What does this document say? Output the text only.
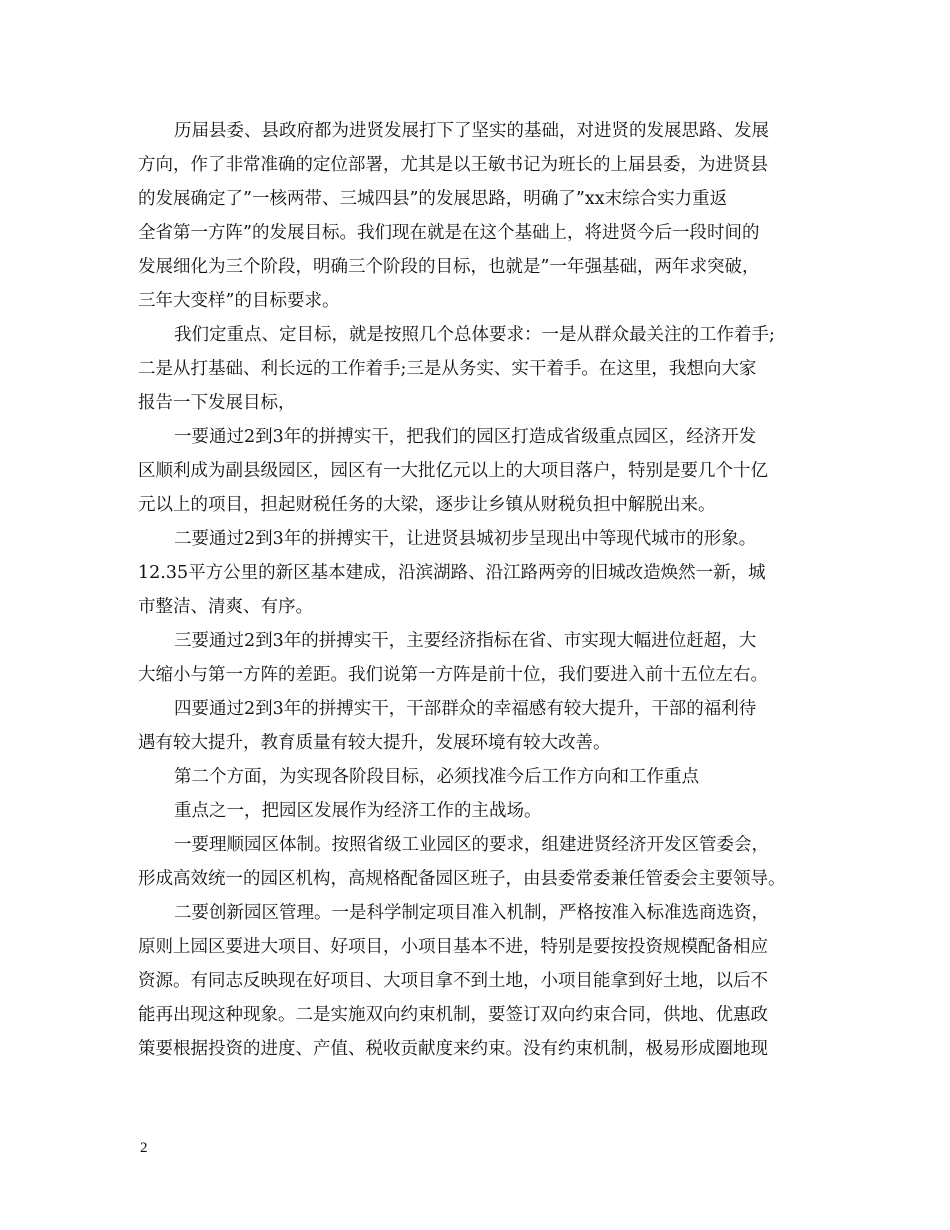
历届县委、县政府都为进贤发展打下了坚实的基础，对进贤的发展思路、发展
方向，作了非常准确的定位部署，尤其是以王敏书记为班长的上届县委，为进贤县
的发展确定了”一核两带、三城四县”的发展思路，明确了”xx末综合实力重返
全省第一方阵”的发展目标。我们现在就是在这个基础上，将进贤今后一段时间的
发展细化为三个阶段，明确三个阶段的目标，也就是”一年强基础，两年求突破，
三年大变样”的目标要求。
我们定重点、定目标，就是按照几个总体要求：一是从群众最关注的工作着手;
二是从打基础、利长远的工作着手;三是从务实、实干着手。在这里，我想向大家
报告一下发展目标，
一要通过2到3年的拼搏实干，把我们的园区打造成省级重点园区，经济开发
区顺利成为副县级园区，园区有一大批亿元以上的大项目落户，特别是要几个十亿
元以上的项目，担起财税任务的大梁，逐步让乡镇从财税负担中解脱出来。
二要通过2到3年的拼搏实干，让进贤县城初步呈现出中等现代城市的形象。
12.35平方公里的新区基本建成，沿滨湖路、沿江路两旁的旧城改造焕然一新，城
市整洁、清爽、有序。
三要通过2到3年的拼搏实干，主要经济指标在省、市实现大幅进位赶超，大
大缩小与第一方阵的差距。我们说第一方阵是前十位，我们要进入前十五位左右。
四要通过2到3年的拼搏实干，干部群众的幸福感有较大提升，干部的福利待
遇有较大提升，教育质量有较大提升，发展环境有较大改善。
第二个方面，为实现各阶段目标，必须找准今后工作方向和工作重点
重点之一，把园区发展作为经济工作的主战场。
一要理顺园区体制。按照省级工业园区的要求，组建进贤经济开发区管委会，
形成高效统一的园区机构，高规格配备园区班子，由县委常委兼任管委会主要领导。
二要创新园区管理。一是科学制定项目准入机制，严格按准入标准选商选资，
原则上园区要进大项目、好项目，小项目基本不进，特别是要按投资规模配备相应
资源。有同志反映现在好项目、大项目拿不到土地，小项目能拿到好土地，以后不
能再出现这种现象。二是实施双向约束机制，要签订双向约束合同，供地、优惠政
策要根据投资的进度、产值、税收贡献度来约束。没有约束机制，极易形成圈地现
2
